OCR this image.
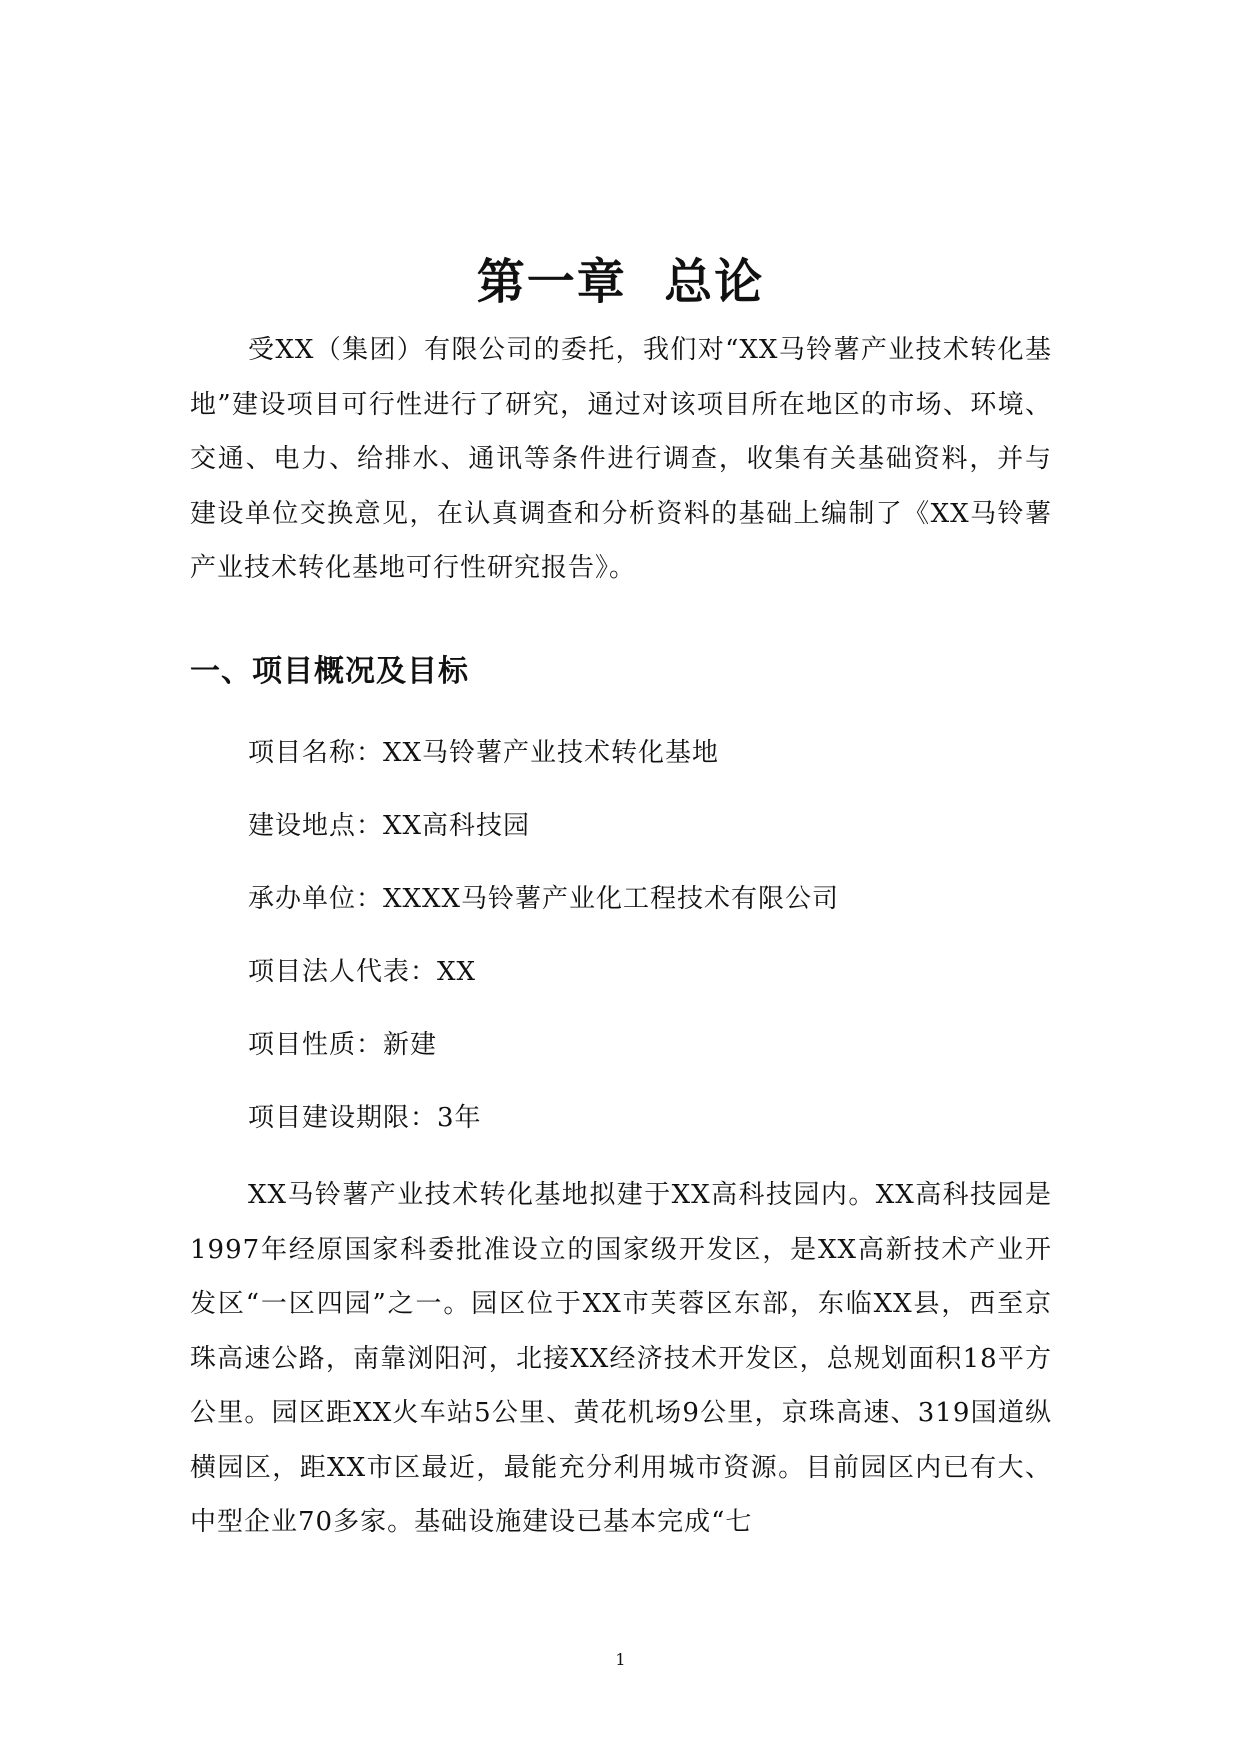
第一章  总论

受XX（集团）有限公司的委托，我们对“XX马铃薯产业技术转化基地”建设项目可行性进行了研究，通过对该项目所在地区的市场、环境、交通、电力、给排水、通讯等条件进行调查，收集有关基础资料，并与建设单位交换意见，在认真调查和分析资料的基础上编制了《XX马铃薯产业技术转化基地可行性研究报告》。

一、项目概况及目标

项目名称：XX马铃薯产业技术转化基地

建设地点：XX高科技园

承办单位：XXXX马铃薯产业化工程技术有限公司

项目法人代表：XX

项目性质：新建

项目建设期限：3年

XX马铃薯产业技术转化基地拟建于XX高科技园内。XX高科技园是1997年经原国家科委批准设立的国家级开发区，是XX高新技术产业开发区“一区四园”之一。园区位于XX市芙蓉区东部，东临XX县，西至京珠高速公路，南靠浏阳河，北接XX经济技术开发区，总规划面积18平方公里。园区距XX火车站5公里、黄花机场9公里，京珠高速、319国道纵横园区，距XX市区最近，最能充分利用城市资源。目前园区内已有大、中型企业70多家。基础设施建设已基本完成“七

1
